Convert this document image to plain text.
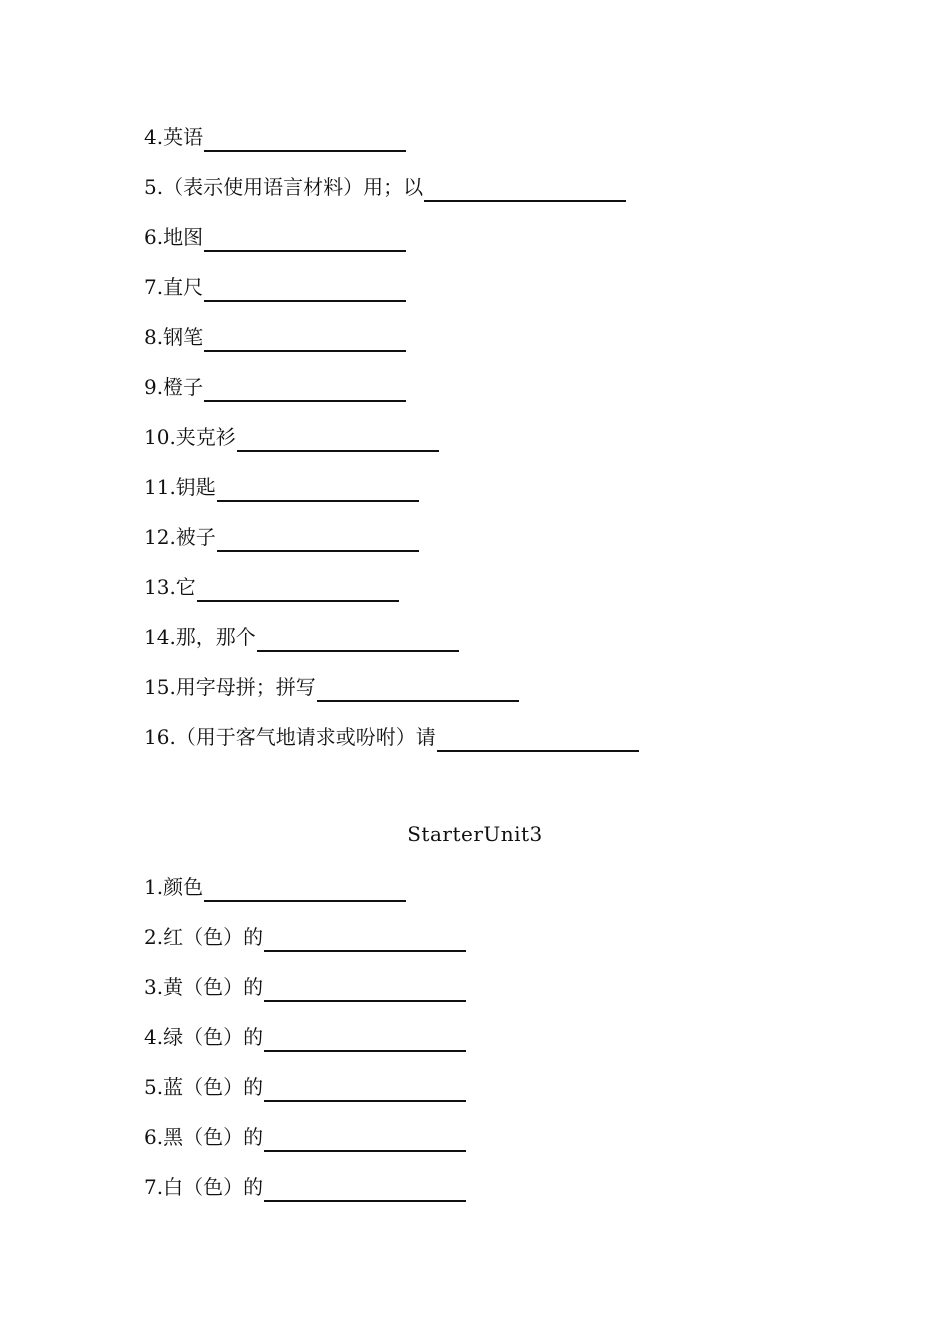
4.英语
5.（表示使用语言材料）用；以
6.地图
7.直尺
8.钢笔
9.橙子
10.夹克衫
11.钥匙
12.被子
13.它
14.那，那个
15.用字母拼；拼写
16.（用于客气地请求或吩咐）请
StarterUnit3
1.颜色
2.红（色）的
3.黄（色）的
4.绿（色）的
5.蓝（色）的
6.黑（色）的
7.白（色）的
